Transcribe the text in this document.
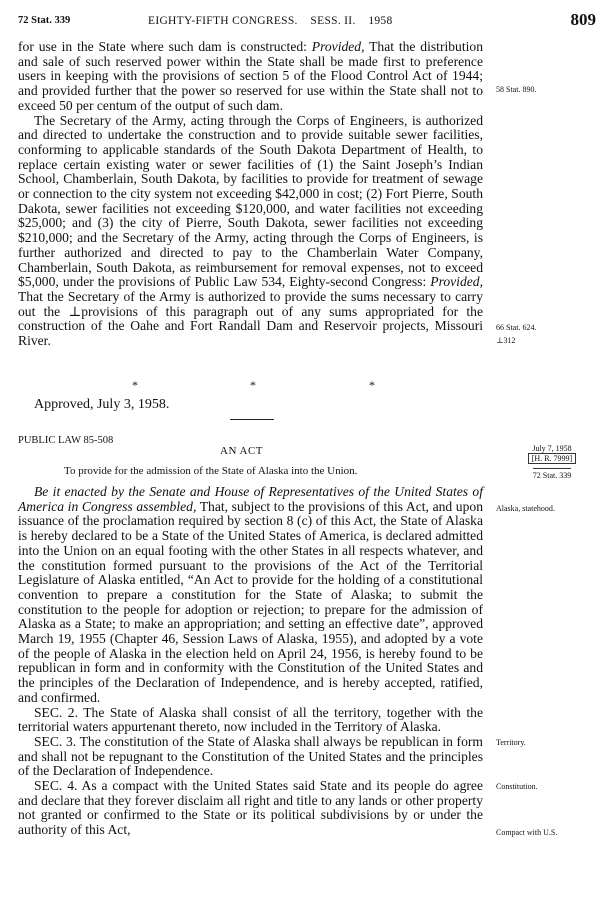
72 Stat. 339	EIGHTY-FIFTH CONGRESS.    SESS. II.    1958	809

for use in the State where such dam is constructed: Provided, That the distribution and sale of such reserved power within the State shall be made first to preference users in keeping with the provisions of section 5 of the Flood Control Act of 1944; and provided further that the power so reserved for use within the State shall not to exceed 50 per centum of the output of such dam.

The Secretary of the Army, acting through the Corps of Engineers, is authorized and directed to undertake the construction and to provide suitable sewer facilities, conforming to applicable standards of the South Dakota Department of Health, to replace certain existing water or sewer facilities of (1) the Saint Joseph’s Indian School, Chamberlain, South Dakota, by facilities to provide for treatment of sewage or connection to the city system not exceeding $42,000 in cost; (2) Fort Pierre, South Dakota, sewer facilities not exceeding $120,000, and water facilities not exceeding $25,000; and (3) the city of Pierre, South Dakota, sewer facilities not exceeding $210,000; and the Secretary of the Army, acting through the Corps of Engineers, is further authorized and directed to pay to the Chamberlain Water Company, Chamberlain, South Dakota, as reimbursement for removal expenses, not to exceed $5,000, under the provisions of Public Law 534, Eighty-second Congress: Provided, That the Secretary of the Army is authorized to provide the sums necessary to carry out the ⊥provisions of this paragraph out of any sums appropriated for the construction of the Oahe and Fort Randall Dam and Reservoir projects, Missouri River.

58 Stat. 890.
66 Stat. 624.
⊥312
*	*	*
Approved, July 3, 1958.
PUBLIC LAW 85-508
AN ACT
To provide for the admission of the State of Alaska into the Union.
July 7, 1958
[H. R. 7999]
72 Stat. 339

Be it enacted by the Senate and House of Representatives of the United States of America in Congress assembled, That, subject to the provisions of this Act, and upon issuance of the proclamation required by section 8 (c) of this Act, the State of Alaska is hereby declared to be a State of the United States of America, is declared admitted into the Union on an equal footing with the other States in all respects whatever, and the constitution formed pursuant to the provisions of the Act of the Territorial Legislature of Alaska entitled, “An Act to provide for the holding of a constitutional convention to prepare a constitution for the State of Alaska; to submit the constitution to the people for adoption or rejection; to prepare for the admission of Alaska as a State; to make an appropriation; and setting an effective date”, approved March 19, 1955 (Chapter 46, Session Laws of Alaska, 1955), and adopted by a vote of the people of Alaska in the election held on April 24, 1956, is hereby found to be republican in form and in conformity with the Constitution of the United States and the principles of the Declaration of Independence, and is hereby accepted, ratified, and confirmed.

SEC. 2. The State of Alaska shall consist of all the territory, together with the territorial waters appurtenant thereto, now included in the Territory of Alaska.

SEC. 3. The constitution of the State of Alaska shall always be republican in form and shall not be repugnant to the Constitution of the United States and the principles of the Declaration of Independence.

SEC. 4. As a compact with the United States said State and its people do agree and declare that they forever disclaim all right and title to any lands or other property not granted or confirmed to the State or its political subdivisions by or under the authority of this Act,

Alaska, statehood.
Territory.
Constitution.
Compact with U.S.
